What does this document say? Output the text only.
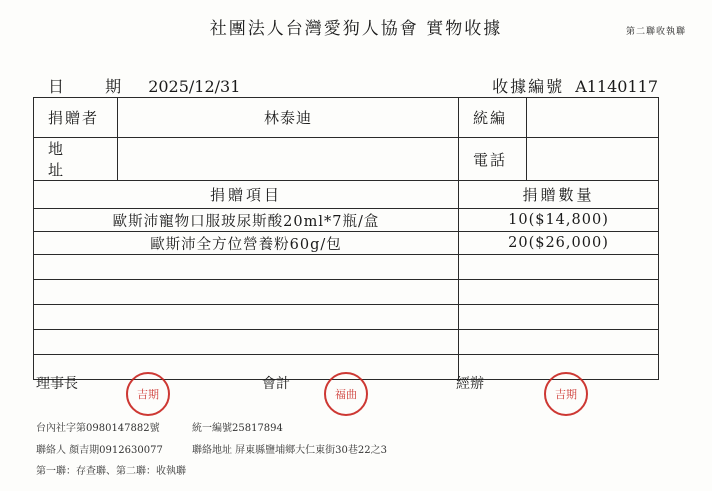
社團法人台灣愛狗人協會 實物收據	第二聯收執聯
日 期 2025/12/31	收據編號 A1140117
捐贈者	林泰迪	統編	
地 址		電話	
捐贈項目		捐贈數量	
歐斯沛寵物口服玻尿斯酸20ml*7瓶/盒		10($14,800)	
歐斯沛全方位營養粉60g/包		20($26,000)	

理事長
吉期
會計
福曲
經辦
吉期
台內社字第0980147882號	統一編號25817894
聯絡人 顏吉期0912630077	聯絡地址 屏東縣鹽埔鄉大仁東街30巷22之3
第一聯：存查聯、第二聯：收執聯
